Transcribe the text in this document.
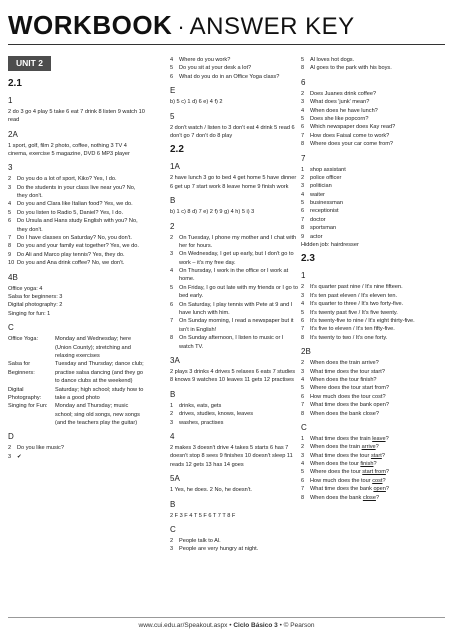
WORKBOOK · ANSWER KEY
UNIT 2
2.1
1
2 do 3 go 4 play 5 take 6 eat 7 drink 8 listen 9 watch 10 read
2A
1 sport, golf, film 2 photo, coffee, nothing 3 TV 4 cinema, exercise 5 magazine, DVD 6 MP3 player
3
2	Do you do a lot of sport, Kiko? Yes, I do.
3	Do the students in your class live near you? No, they don't.
4	Do you and Clara like Italian food? Yes, we do.
5	Do you listen to Radio 5, Daniel? Yes, I do.
6	Do Ursula and Hans study English with you? No, they don't.
7	Do I have classes on Saturday? No, you don't.
8	Do you and your family eat together? Yes, we do.
9	Do Ali and Marco play tennis? Yes, they do.
10 Do you and Ana drink coffee? No, we don't.
4B
Office yoga: 4
Salsa for beginners: 3
Digital photography: 2
Singing for fun: 1
C
Office Yoga:	Monday and Wednesday; here (Union County); stretching and relaxing exercises
Salsa for Beginners:
Tuesday and Thursday; dance club; practise salsa dancing (and they go to dance clubs at the weekend)
Digital Photography:
Saturday; high school; study how to take a good photo
Singing for Fun:	Monday and Thursday; music school; sing old songs, new songs (and the teachers play the guitar)
D
2	Do you like music?
3	✔
4	Where do you work?
5	Do you sit at your desk a lot?
6	What do you do in an Office Yoga class?
E
b) 5 c) 1 d) 6 e) 4 f) 2
5
2 don't watch / listen to 3 don't eat 4 drink 5 read 6 don't go 7 don't do 8 play
2.2
1A
2 have lunch 3 go to bed 4 get home 5 have dinner 6 get up 7 start work 8 leave home 9 finish work
B
b) 1 c) 8 d) 7 e) 2 f) 9 g) 4 h) 5 i) 3
2
2	On Tuesday, I phone my mother and I chat with her for hours.
3	On Wednesday, I get up early, but I don't go to work – it's my free day.
4	On Thursday, I work in the office or I work at home.
5	On Friday, I go out late with my friends or I go to bed early.
6	On Saturday, I play tennis with Pete at 9 and I have lunch with him.
7	On Sunday morning, I read a newspaper but it isn't in English!
8	On Sunday afternoon, I listen to music or I watch TV.
3A
2 plays 3 drinks 4 drives 5 relaxes 6 eats 7 studies 8 knows 9 watches 10 leaves 11 gets 12 practises
B
1	drinks, eats, gets
2	drives, studies, knows, leaves
3	washes, practises
4
2 makes 3 doesn't drive 4 takes 5 starts 6 has 7 doesn't stop 8 sees 9 finishes 10 doesn't sleep 11 reads 12 gets 13 has 14 goes
5A
1 Yes, he does. 2 No, he doesn't.
B
2 F 3 F 4 T 5 F 6 T 7 T 8 F
C
2	People talk to Al.
3	People are very hungry at night.
5	Al loves hot dogs.
8	Al goes to the park with his boys.
6
2	Does Juanes drink coffee?
3	What does 'junk' mean?
4	When does he have lunch?
5	Does she like popcorn?
6	Which newspaper does Kay read?
7	How does Faisal come to work?
8	Where does your car come from?
7
1	shop assistant
2	police officer
3	politician
4	waiter
5	businessman
6	receptionist
7	doctor
8	sportsman
9	actor
Hidden job: hairdresser
2.3
1
2	It's quarter past nine / It's nine fifteen.
3	It's ten past eleven / It's eleven ten.
4	It's quarter to three / It's two forty-five.
5	It's twenty past five / It's five twenty.
6	It's twenty-five to nine / It's eight thirty-five.
7	It's five to eleven / It's ten fifty-five.
8	It's twenty to two / It's one forty.
2B
2	When does the train arrive?
3	What time does the tour start?
4	When does the tour finish?
5	Where does the tour start from?
6	How much does the tour cost?
7	What time does the bank open?
8	When does the bank close?
C
1	What time does the train leave?
2	When does the train arrive?
3	What time does the tour start?
4	When does the tour finish?
5	Where does the tour start from?
6	How much does the tour cost?
7	What time does the bank open?
8	When does the bank close?
www.cui.edu.ar/Speakout.aspx • Ciclo Básico 3 • © Pearson
